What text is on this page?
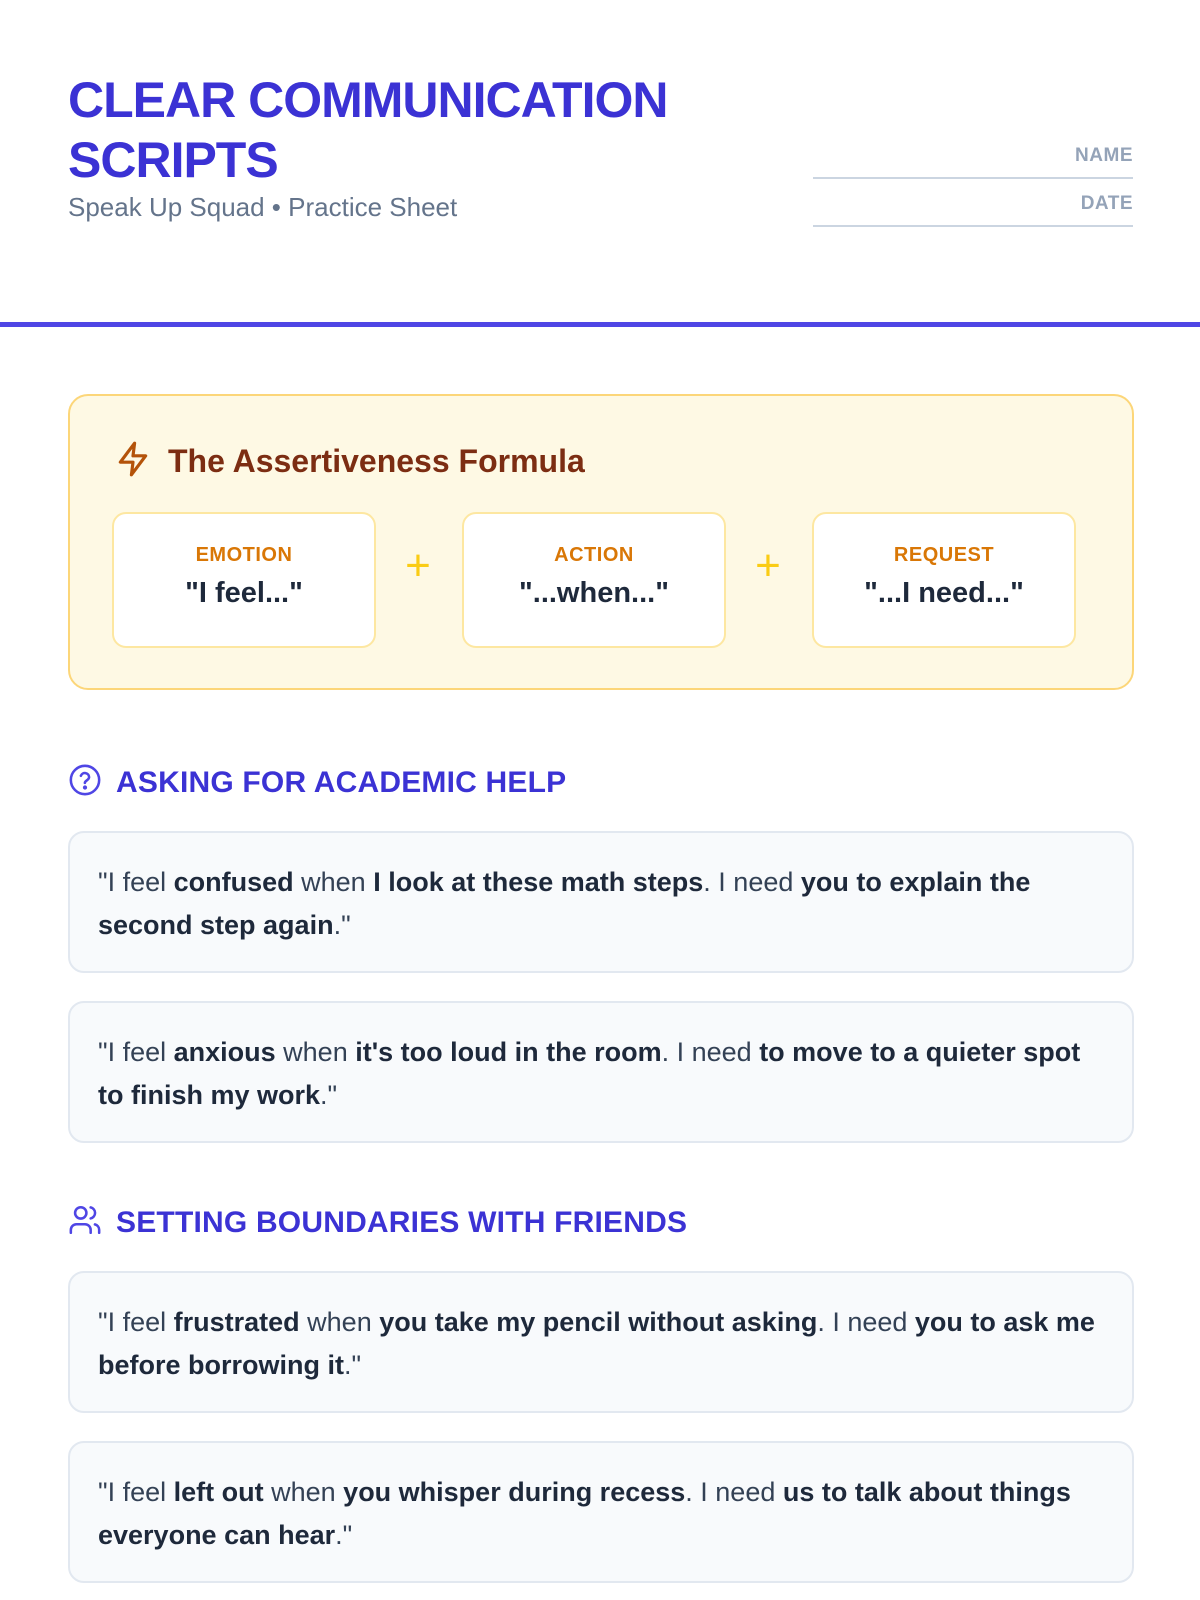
CLEAR COMMUNICATION SCRIPTS
Speak Up Squad • Practice Sheet
NAME
DATE
The Assertiveness Formula
EMOTION
"I feel..."
+	ACTION
"...when..."
+	REQUEST
"...I need..."
ASKING FOR ACADEMIC HELP
"I feel confused when I look at these math steps. I need you to explain the second step again."
"I feel anxious when it's too loud in the room. I need to move to a quieter spot to finish my work."
SETTING BOUNDARIES WITH FRIENDS
"I feel frustrated when you take my pencil without asking. I need you to ask me before borrowing it."
"I feel left out when you whisper during recess. I need us to talk about things everyone can hear."
